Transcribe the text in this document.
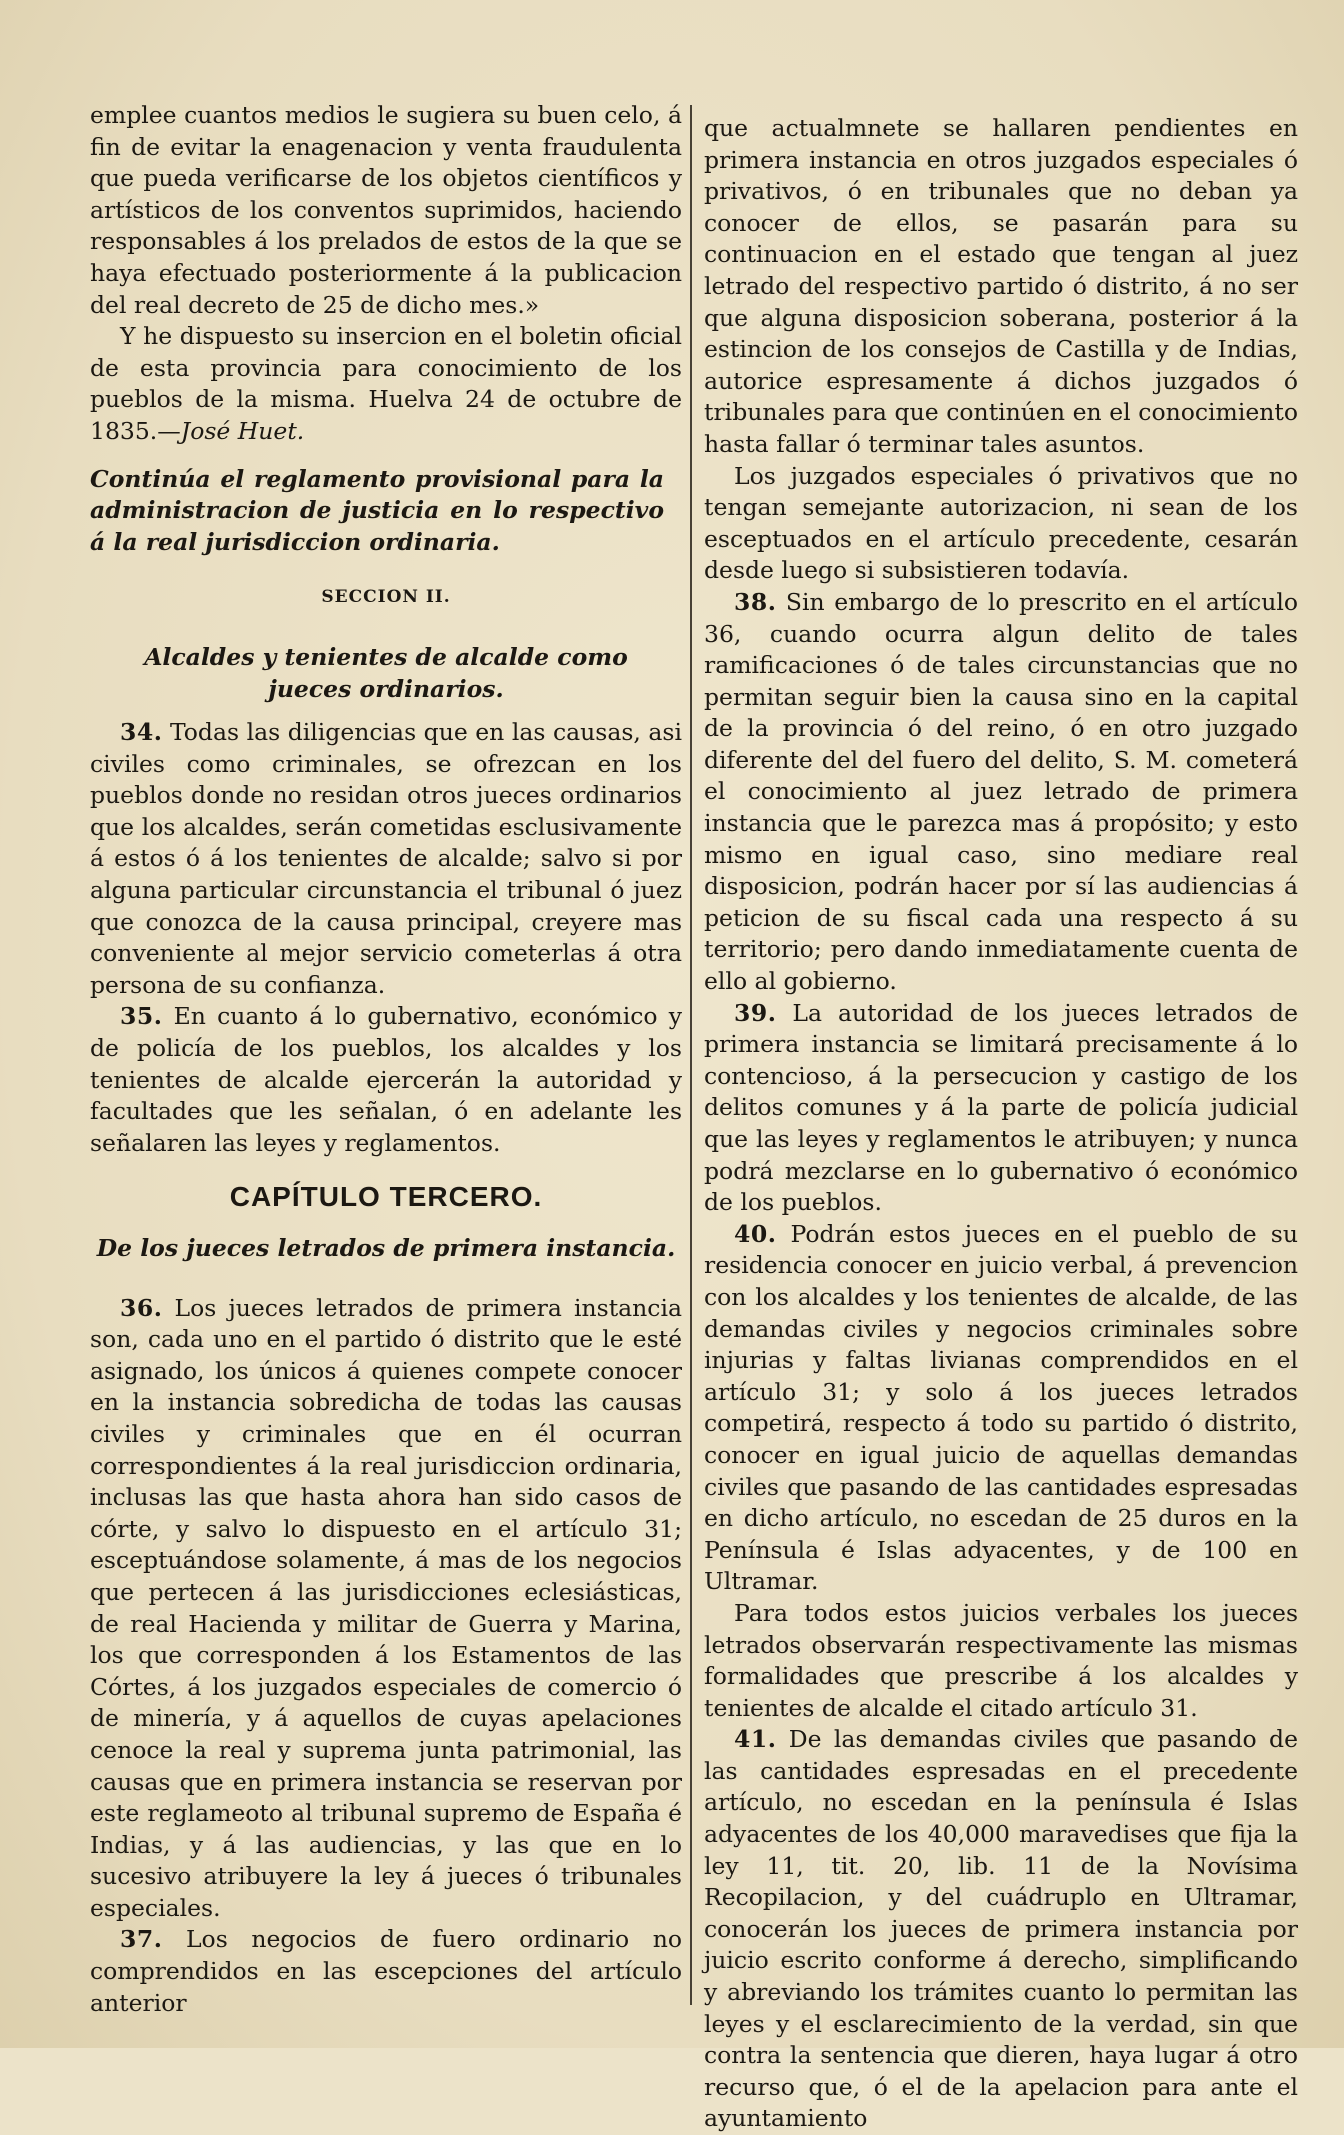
emplee cuantos medios le sugiera su buen celo, á fin de evitar la enagenacion y venta fraudulenta que pueda verificarse de los objetos científicos y artísticos de los conventos suprimidos, haciendo responsables á los prelados de estos de la que se haya efectuado posteriormente á la publicacion del real decreto de 25 de dicho mes.»

Y he dispuesto su insercion en el boletin oficial de esta provincia para conocimiento de los pueblos de la misma. Huelva 24 de octubre de 1835.—José Huet.

Continúa el reglamento provisional para la administracion de justicia en lo respectivo á la real jurisdiccion ordinaria.

SECCION II.

Alcaldes y tenientes de alcalde como jueces ordinarios.

34. Todas las diligencias que en las causas, asi civiles como criminales, se ofrezcan en los pueblos donde no residan otros jueces ordinarios que los alcaldes, serán cometidas esclusivamente á estos ó á los tenientes de alcalde; salvo si por alguna particular circunstancia el tribunal ó juez que conozca de la causa principal, creyere mas conveniente al mejor servicio cometerlas á otra persona de su confianza.

35. En cuanto á lo gubernativo, económico y de policía de los pueblos, los alcaldes y los tenientes de alcalde ejercerán la autoridad y facultades que les señalan, ó en adelante les señalaren las leyes y reglamentos.

CAPÍTULO TERCERO.

De los jueces letrados de primera instancia.

36. Los jueces letrados de primera instancia son, cada uno en el partido ó distrito que le esté asignado, los únicos á quienes compete conocer en la instancia sobredicha de todas las causas civiles y criminales que en él ocurran correspondientes á la real jurisdiccion ordinaria, inclusas las que hasta ahora han sido casos de córte, y salvo lo dispuesto en el artículo 31; esceptuándose solamente, á mas de los negocios que pertecen á las jurisdicciones eclesiásticas, de real Hacienda y militar de Guerra y Marina, los que corresponden á los Estamentos de las Córtes, á los juzgados especiales de comercio ó de minería, y á aquellos de cuyas apelaciones cenoce la real y suprema junta patrimonial, las causas que en primera instancia se reservan por este reglameoto al tribunal supremo de España é Indias, y á las audiencias, y las que en lo sucesivo atribuyere la ley á jueces ó tribunales especiales.

37. Los negocios de fuero ordinario no comprendidos en las escepciones del artículo anterior

que actualmnete se hallaren pendientes en primera instancia en otros juzgados especiales ó privativos, ó en tribunales que no deban ya conocer de ellos, se pasarán para su continuacion en el estado que tengan al juez letrado del respectivo partido ó distrito, á no ser que alguna disposicion soberana, posterior á la estincion de los consejos de Castilla y de Indias, autorice espresamente á dichos juzgados ó tribunales para que continúen en el conocimiento hasta fallar ó terminar tales asuntos.

Los juzgados especiales ó privativos que no tengan semejante autorizacion, ni sean de los esceptuados en el artículo precedente, cesarán desde luego si subsistieren todavía.

38. Sin embargo de lo prescrito en el artículo 36, cuando ocurra algun delito de tales ramificaciones ó de tales circunstancias que no permitan seguir bien la causa sino en la capital de la provincia ó del reino, ó en otro juzgado diferente del del fuero del delito, S. M. cometerá el conocimiento al juez letrado de primera instancia que le parezca mas á propósito; y esto mismo en igual caso, sino mediare real disposicion, podrán hacer por sí las audiencias á peticion de su fiscal cada una respecto á su territorio; pero dando inmediatamente cuenta de ello al gobierno.

39. La autoridad de los jueces letrados de primera instancia se limitará precisamente á lo contencioso, á la persecucion y castigo de los delitos comunes y á la parte de policía judicial que las leyes y reglamentos le atribuyen; y nunca podrá mezclarse en lo gubernativo ó económico de los pueblos.

40. Podrán estos jueces en el pueblo de su residencia conocer en juicio verbal, á prevencion con los alcaldes y los tenientes de alcalde, de las demandas civiles y negocios criminales sobre injurias y faltas livianas comprendidos en el artículo 31; y solo á los jueces letrados competirá, respecto á todo su partido ó distrito, conocer en igual juicio de aquellas demandas civiles que pasando de las cantidades espresadas en dicho artículo, no escedan de 25 duros en la Península é Islas adyacentes, y de 100 en Ultramar.

Para todos estos juicios verbales los jueces letrados observarán respectivamente las mismas formalidades que prescribe á los alcaldes y tenientes de alcalde el citado artículo 31.

41. De las demandas civiles que pasando de las cantidades espresadas en el precedente artículo, no escedan en la península é Islas adyacentes de los 40,000 maravedises que fija la ley 11, tit. 20, lib. 11 de la Novísima Recopilacion, y del cuádruplo en Ultramar, conocerán los jueces de primera instancia por juicio escrito conforme á derecho, simplificando y abreviando los trámites cuanto lo permitan las leyes y el esclarecimiento de la verdad, sin que contra la sentencia que dieren, haya lugar á otro recurso que, ó el de la apelacion para ante el ayuntamiento
